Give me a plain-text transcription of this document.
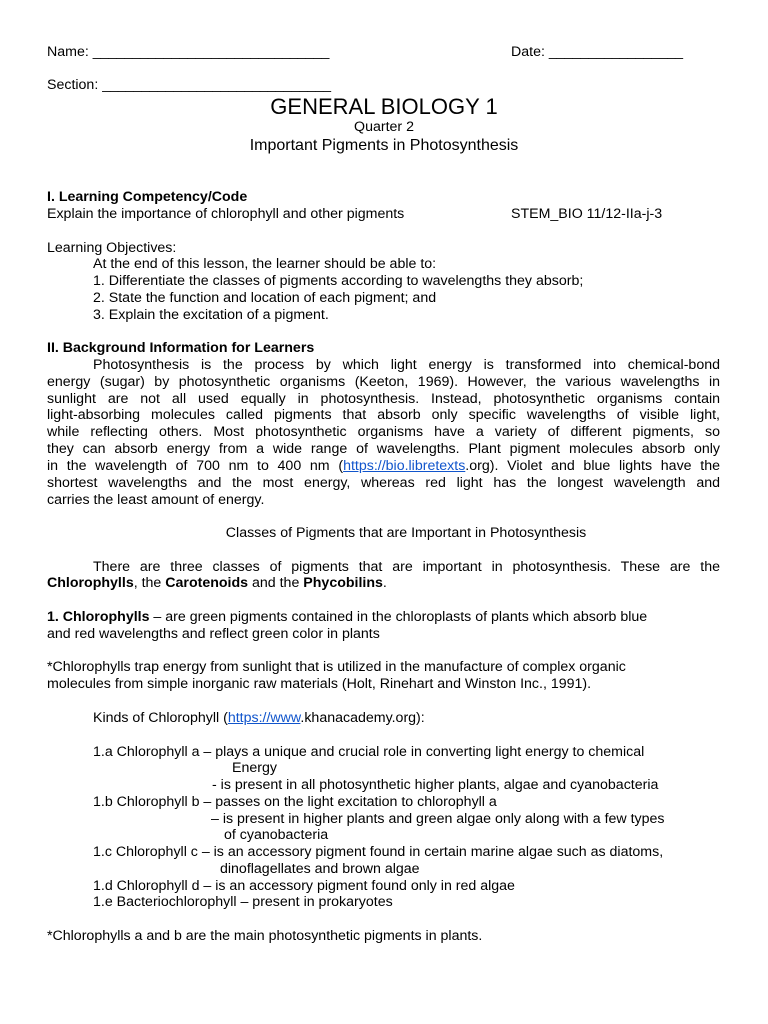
Name: ______________________________	Date: _________________
Section: _____________________________
GENERAL BIOLOGY 1
Quarter 2
Important Pigments in Photosynthesis
I. Learning Competency/Code
Explain the importance of chlorophyll and other pigments	STEM_BIO 11/12-IIa-j-3
Learning Objectives:
At the end of this lesson, the learner should be able to:
1. Differentiate the classes of pigments according to wavelengths they absorb;
2. State the function and location of each pigment; and
3. Explain the excitation of a pigment.
II. Background Information for Learners
Photosynthesis is the process by which light energy is transformed into chemical-bond
energy (sugar) by photosynthetic organisms (Keeton, 1969). However, the various wavelengths in
sunlight are not all used equally in photosynthesis. Instead, photosynthetic organisms contain
light-absorbing molecules called pigments that absorb only specific wavelengths of visible light,
while reflecting others. Most photosynthetic organisms have a variety of different pigments, so
they can absorb energy from a wide range of wavelengths. Plant pigment molecules absorb only
in the wavelength of 700 nm to 400 nm (https://bio.libretexts.org). Violet and blue lights have the
shortest wavelengths and the most energy, whereas red light has the longest wavelength and
carries the least amount of energy.
Classes of Pigments that are Important in Photosynthesis
There are three classes of pigments that are important in photosynthesis. These are the
Chlorophylls, the Carotenoids and the Phycobilins.
1. Chlorophylls – are green pigments contained in the chloroplasts of plants which absorb blue
and red wavelengths and reflect green color in plants
*Chlorophylls trap energy from sunlight that is utilized in the manufacture of complex organic
molecules from simple inorganic raw materials (Holt, Rinehart and Winston Inc., 1991).
Kinds of Chlorophyll (https://www.khanacademy.org):
1.a Chlorophyll a – plays a unique and crucial role in converting light energy to chemical
Energy
- is present in all photosynthetic higher plants, algae and cyanobacteria
1.b Chlorophyll b – passes on the light excitation to chlorophyll a
– is present in higher plants and green algae only along with a few types
of cyanobacteria
1.c Chlorophyll c – is an accessory pigment found in certain marine algae such as diatoms,
dinoflagellates and brown algae
1.d Chlorophyll d – is an accessory pigment found only in red algae
1.e Bacteriochlorophyll – present in prokaryotes
*Chlorophylls a and b are the main photosynthetic pigments in plants.
